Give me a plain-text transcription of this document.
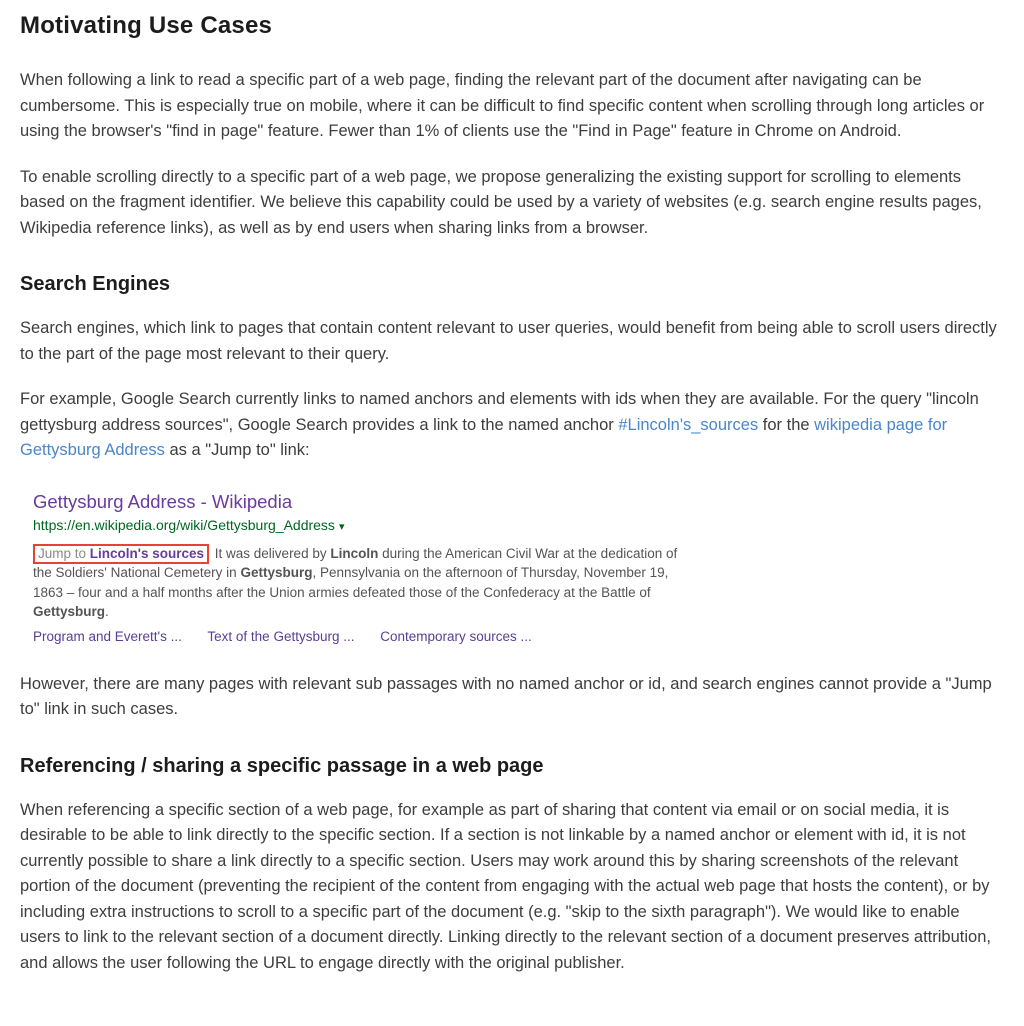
Motivating Use Cases

When following a link to read a specific part of a web page, finding the relevant part of the document after navigating can be cumbersome. This is especially true on mobile, where it can be difficult to find specific content when scrolling through long articles or using the browser's "find in page" feature. Fewer than 1% of clients use the "Find in Page" feature in Chrome on Android.

To enable scrolling directly to a specific part of a web page, we propose generalizing the existing support for scrolling to elements based on the fragment identifier. We believe this capability could be used by a variety of websites (e.g. search engine results pages, Wikipedia reference links), as well as by end users when sharing links from a browser.

Search Engines

Search engines, which link to pages that contain content relevant to user queries, would benefit from being able to scroll users directly to the part of the page most relevant to their query.

For example, Google Search currently links to named anchors and elements with ids when they are available. For the query "lincoln gettysburg address sources", Google Search provides a link to the named anchor #Lincoln's_sources for the wikipedia page for Gettysburg Address as a "Jump to" link:

Gettysburg Address - Wikipedia
https://en.wikipedia.org/wiki/Gettysburg_Address ▾
Jump to Lincoln's sources It was delivered by Lincoln during the American Civil War at the dedication of the Soldiers' National Cemetery in Gettysburg, Pennsylvania on the afternoon of Thursday, November 19, 1863 – four and a half months after the Union armies defeated those of the Confederacy at the Battle of Gettysburg.
Program and Everett's ... Text of the Gettysburg ... Contemporary sources ...

However, there are many pages with relevant sub passages with no named anchor or id, and search engines cannot provide a "Jump to" link in such cases.

Referencing / sharing a specific passage in a web page

When referencing a specific section of a web page, for example as part of sharing that content via email or on social media, it is desirable to be able to link directly to the specific section. If a section is not linkable by a named anchor or element with id, it is not currently possible to share a link directly to a specific section. Users may work around this by sharing screenshots of the relevant portion of the document (preventing the recipient of the content from engaging with the actual web page that hosts the content), or by including extra instructions to scroll to a specific part of the document (e.g. "skip to the sixth paragraph"). We would like to enable users to link to the relevant section of a document directly. Linking directly to the relevant section of a document preserves attribution, and allows the user following the URL to engage directly with the original publisher.
